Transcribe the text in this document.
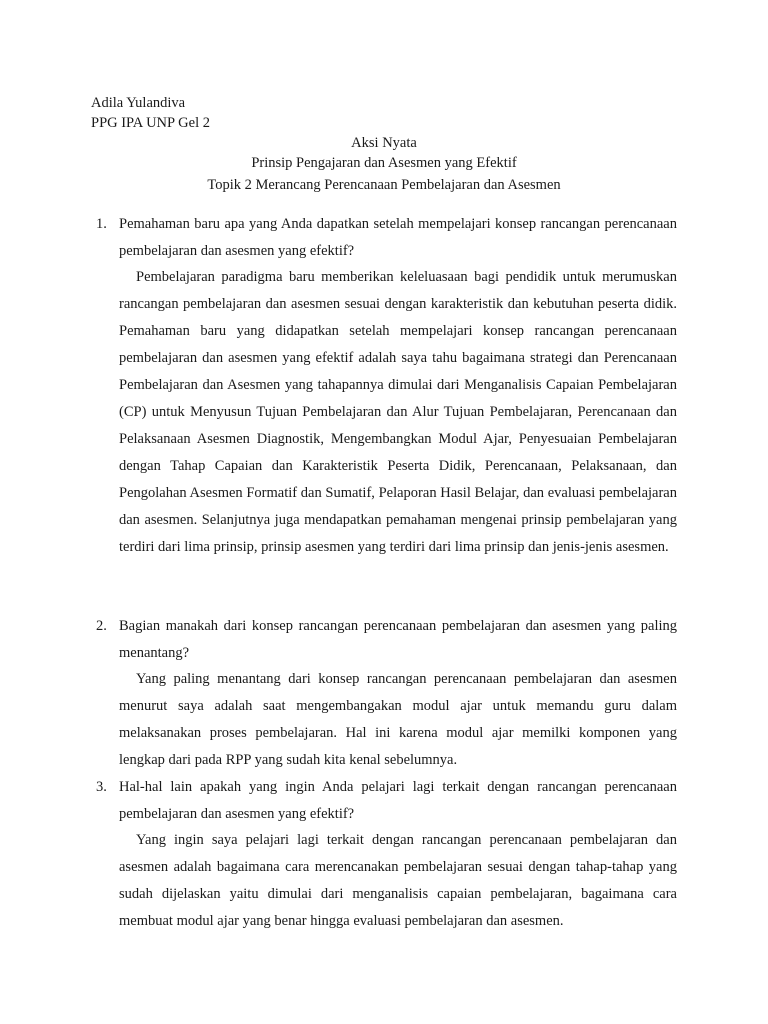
Adila Yulandiva
PPG IPA UNP Gel 2
Aksi Nyata
Prinsip Pengajaran dan Asesmen yang Efektif
Topik 2 Merancang Perencanaan Pembelajaran dan Asesmen
1. Pemahaman baru apa yang Anda dapatkan setelah mempelajari konsep rancangan perencanaan pembelajaran dan asesmen yang efektif?

Pembelajaran paradigma baru memberikan keleluasaan bagi pendidik untuk merumuskan rancangan pembelajaran dan asesmen sesuai dengan karakteristik dan kebutuhan peserta didik. Pemahaman baru yang didapatkan setelah mempelajari konsep rancangan perencanaan pembelajaran dan asesmen yang efektif adalah saya tahu bagaimana strategi dan Perencanaan Pembelajaran dan Asesmen yang tahapannya dimulai dari Menganalisis Capaian Pembelajaran (CP) untuk Menyusun Tujuan Pembelajaran dan Alur Tujuan Pembelajaran, Perencanaan dan Pelaksanaan Asesmen Diagnostik, Mengembangkan Modul Ajar, Penyesuaian Pembelajaran dengan Tahap Capaian dan Karakteristik Peserta Didik, Perencanaan, Pelaksanaan, dan Pengolahan Asesmen Formatif dan Sumatif, Pelaporan Hasil Belajar, dan evaluasi pembelajaran dan asesmen. Selanjutnya juga mendapatkan pemahaman mengenai prinsip pembelajaran yang terdiri dari lima prinsip, prinsip asesmen yang terdiri dari lima prinsip dan jenis-jenis asesmen.

2. Bagian manakah dari konsep rancangan perencanaan pembelajaran dan asesmen yang paling menantang?

Yang paling menantang dari konsep rancangan perencanaan pembelajaran dan asesmen menurut saya adalah saat mengembangakan modul ajar untuk memandu guru dalam melaksanakan proses pembelajaran. Hal ini karena modul ajar memilki komponen yang lengkap dari pada RPP yang sudah kita kenal sebelumnya.

3. Hal-hal lain apakah yang ingin Anda pelajari lagi terkait dengan rancangan perencanaan pembelajaran dan asesmen yang efektif?

Yang ingin saya pelajari lagi terkait dengan rancangan perencanaan pembelajaran dan asesmen adalah bagaimana cara merencanakan pembelajaran sesuai dengan tahap-tahap yang sudah dijelaskan yaitu dimulai dari menganalisis capaian pembelajaran, bagaimana cara membuat modul ajar yang benar hingga evaluasi pembelajaran dan asesmen.
